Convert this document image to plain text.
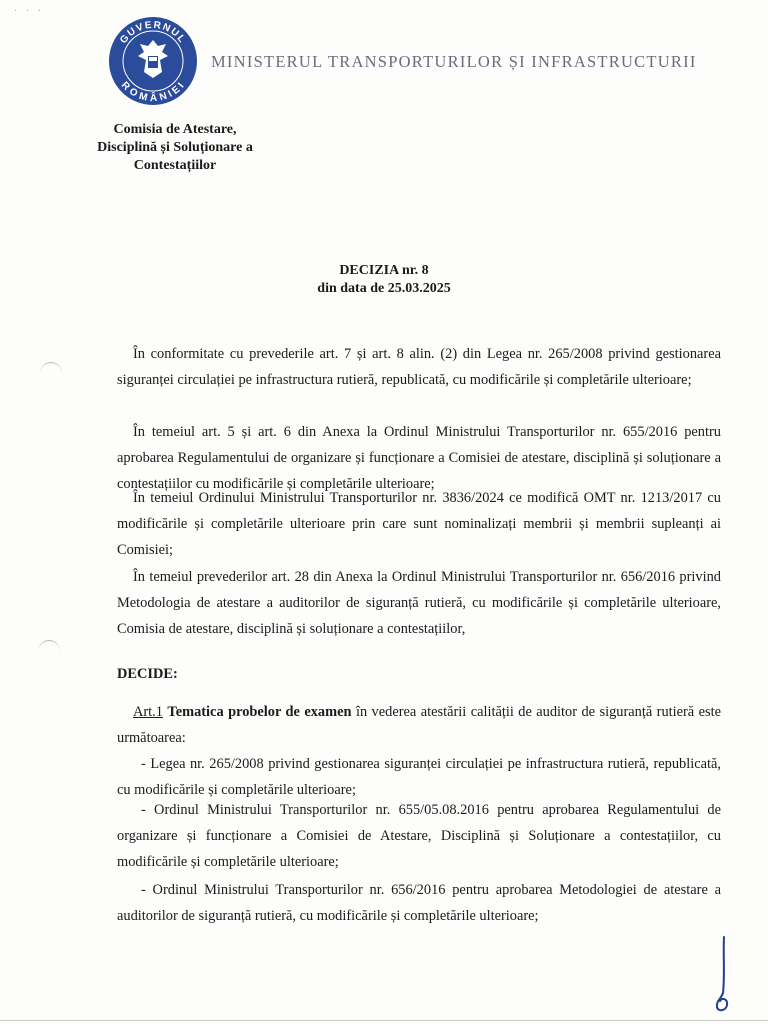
· · ·
GUVERNUL
ROMÂNIEI
MINISTERUL TRANSPORTURILOR ȘI INFRASTRUCTURII
Comisia de Atestare,
Disciplină și Soluționare a
Contestațiilor
DECIZIA nr. 8
din data de 25.03.2025
În conformitate cu prevederile art. 7 și art. 8 alin. (2) din Legea nr. 265/2008 privind gestionarea siguranței circulației pe infrastructura rutieră, republicată, cu modificările și completările ulterioare;
În temeiul art. 5 și art. 6 din Anexa la Ordinul Ministrului Transporturilor nr. 655/2016 pentru aprobarea Regulamentului de organizare și funcționare a Comisiei de atestare, disciplină și soluționare a contestațiilor cu modificările și completările ulterioare;
În temeiul Ordinului Ministrului Transporturilor nr. 3836/2024 ce modifică OMT nr. 1213/2017 cu modificările și completările ulterioare prin care sunt nominalizați membrii și membrii supleanți ai Comisiei;
În temeiul prevederilor art. 28 din Anexa la Ordinul Ministrului Transporturilor nr. 656/2016 privind Metodologia de atestare a auditorilor de siguranță rutieră, cu modificările și completările ulterioare, Comisia de atestare, disciplină și soluționare a contestațiilor,
DECIDE:
Art.1 Tematica probelor de examen în vederea atestării calității de auditor de siguranță rutieră este următoarea:
- Legea nr. 265/2008 privind gestionarea siguranței circulației pe infrastructura rutieră, republicată, cu modificările și completările ulterioare;
- Ordinul Ministrului Transporturilor nr. 655/05.08.2016 pentru aprobarea Regulamentului de organizare și funcționare a Comisiei de Atestare, Disciplină și Soluționare a contestațiilor, cu modificările și completările ulterioare;
- Ordinul Ministrului Transporturilor nr. 656/2016 pentru aprobarea Metodologiei de atestare a auditorilor de siguranță rutieră, cu modificările și completările ulterioare;
